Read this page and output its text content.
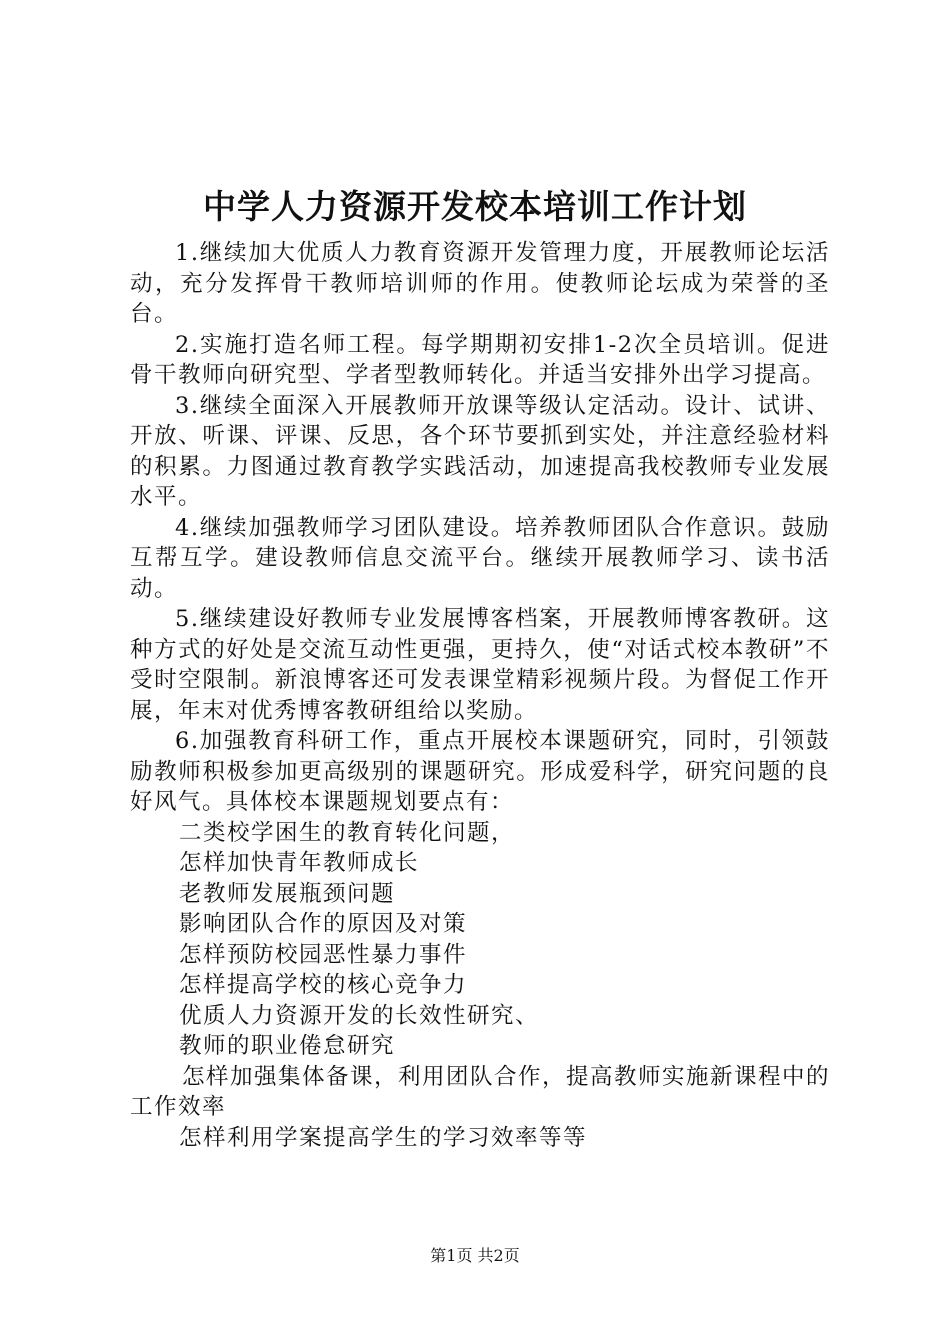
中学人力资源开发校本培训工作计划

1.继续加大优质人力教育资源开发管理力度，开展教师论坛活动，充分发挥骨干教师培训师的作用。使教师论坛成为荣誉的圣台。

2.实施打造名师工程。每学期期初安排1-2次全员培训。促进骨干教师向研究型、学者型教师转化。并适当安排外出学习提高。

3.继续全面深入开展教师开放课等级认定活动。设计、试讲、开放、听课、评课、反思，各个环节要抓到实处，并注意经验材料的积累。力图通过教育教学实践活动，加速提高我校教师专业发展水平。

4.继续加强教师学习团队建设。培养教师团队合作意识。鼓励互帮互学。建设教师信息交流平台。继续开展教师学习、读书活动。

5.继续建设好教师专业发展博客档案，开展教师博客教研。这种方式的好处是交流互动性更强，更持久，使“对话式校本教研”不受时空限制。新浪博客还可发表课堂精彩视频片段。为督促工作开展，年末对优秀博客教研组给以奖励。

6.加强教育科研工作，重点开展校本课题研究，同时，引领鼓励教师积极参加更高级别的课题研究。形成爱科学，研究问题的良好风气。具体校本课题规划要点有：

二类校学困生的教育转化问题，

怎样加快青年教师成长

老教师发展瓶颈问题

影响团队合作的原因及对策

怎样预防校园恶性暴力事件

怎样提高学校的核心竞争力

优质人力资源开发的长效性研究、

教师的职业倦怠研究

怎样加强集体备课，利用团队合作，提高教师实施新课程中的工作效率

怎样利用学案提高学生的学习效率等等

第1页 共2页
